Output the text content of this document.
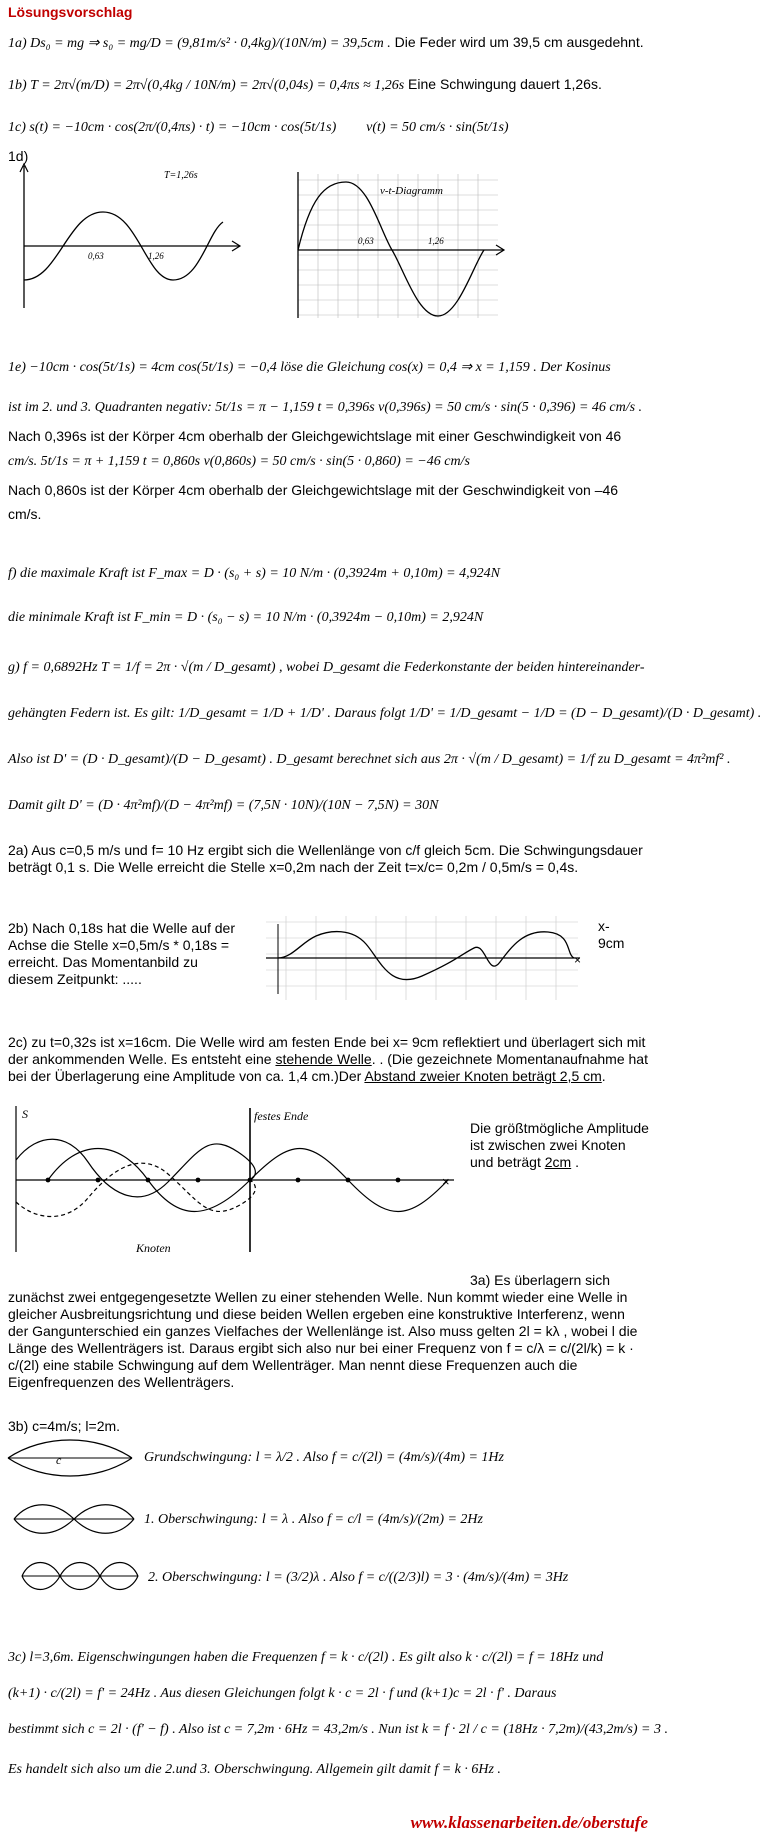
Lösungsvorschlag
1a) Ds₀ = mg ⇒ s₀ = mg/D = (9,81m/s² · 0,4kg)/(10N/m) = 39,5cm . Die Feder wird um 39,5 cm ausgedehnt.
1b) T = 2π√(m/D) = 2π√(0,4kg / 10N/m) = 2π√(0,04s) = 0,4πs ≈ 1,26s Eine Schwingung dauert 1,26s.
1c) s(t) = −10cm · cos(2π/(0,4πs) · t) = −10cm · cos(5t/1s) v(t) = 50 cm/s · sin(5t/1s)
1d)
T=1,26s
0,63	1,26
v-t-Diagramm
0,63	1,26
1e) −10cm · cos(5t/1s) = 4cm cos(5t/1s) = −0,4 löse die Gleichung cos(x) = 0,4 ⇒ x = 1,159 . Der Kosinus
ist im 2. und 3. Quadranten negativ: 5t/1s = π − 1,159 t = 0,396s v(0,396s) = 50 cm/s · sin(5 · 0,396) = 46 cm/s .
Nach 0,396s ist der Körper 4cm oberhalb der Gleichgewichtslage mit einer Geschwindigkeit von 46
cm/s. 5t/1s = π + 1,159 t = 0,860s v(0,860s) = 50 cm/s · sin(5 · 0,860) = −46 cm/s
Nach 0,860s ist der Körper 4cm oberhalb der Gleichgewichtslage mit der Geschwindigkeit von –46
cm/s.
f) die maximale Kraft ist F_max = D · (s₀ + s) = 10 N/m · (0,3924m + 0,10m) = 4,924N
die minimale Kraft ist F_min = D · (s₀ − s) = 10 N/m · (0,3924m − 0,10m) = 2,924N
g) f = 0,6892Hz T = 1/f = 2π · √(m / D_gesamt) , wobei D_gesamt die Federkonstante der beiden hintereinander-
gehängten Federn ist. Es gilt: 1/D_gesamt = 1/D + 1/D' . Daraus folgt 1/D' = 1/D_gesamt − 1/D = (D − D_gesamt)/(D · D_gesamt) .
Also ist D' = (D · D_gesamt)/(D − D_gesamt) . D_gesamt berechnet sich aus 2π · √(m / D_gesamt) = 1/f zu D_gesamt = 4π²mf² .
Damit gilt D' = (D · 4π²mf)/(D − 4π²mf) = (7,5N · 10N)/(10N − 7,5N) = 30N
2a) Aus c=0,5 m/s und f= 10 Hz ergibt sich die Wellenlänge von c/f gleich 5cm. Die Schwingungsdauer beträgt 0,1 s. Die Welle erreicht die Stelle x=0,2m nach der Zeit t=x/c= 0,2m / 0,5m/s = 0,4s.
2b) Nach 0,18s hat die Welle auf der Achse die Stelle x=0,5m/s * 0,18s = erreicht. Das Momentanbild zu diesem Zeitpunkt: .....
×
x-
9cm
2c) zu t=0,32s ist x=16cm. Die Welle wird am festen Ende bei x= 9cm reflektiert und überlagert sich mit der ankommenden Welle. Es entsteht eine stehende Welle. . (Die gezeichnete Momentanaufnahme hat bei der Überlagerung eine Amplitude von ca. 1,4 cm.)Der Abstand zweier Knoten beträgt 2,5 cm.
S
×
festes Ende
Knoten
Die größtmögliche Amplitude ist zwischen zwei Knoten und beträgt 2cm .
3a) Es überlagern sich
zunächst zwei entgegengesetzte Wellen zu einer stehenden Welle. Nun kommt wieder eine Welle in gleicher Ausbreitungsrichtung und diese beiden Wellen ergeben eine konstruktive Interferenz, wenn der Gangunterschied ein ganzes Vielfaches der Wellenlänge ist. Also muss gelten 2l = kλ , wobei l die Länge des Wellenträgers ist. Daraus ergibt sich also nur bei einer Frequenz von f = c/λ = c/(2l/k) = k · c/(2l) eine stabile Schwingung auf dem Wellenträger. Man nennt diese Frequenzen auch die Eigenfrequenzen des Wellenträgers.
3b) c=4m/s; l=2m.
c	Grundschwingung: l = λ/2 . Also f = c/(2l) = (4m/s)/(4m) = 1Hz
1. Oberschwingung: l = λ . Also f = c/l = (4m/s)/(2m) = 2Hz
2. Oberschwingung: l = (3/2)λ . Also f = c/((2/3)l) = 3 · (4m/s)/(4m) = 3Hz
3c) l=3,6m. Eigenschwingungen haben die Frequenzen f = k · c/(2l) . Es gilt also k · c/(2l) = f = 18Hz und
(k+1) · c/(2l) = f' = 24Hz . Aus diesen Gleichungen folgt k · c = 2l · f und (k+1)c = 2l · f' . Daraus
bestimmt sich c = 2l · (f' − f) . Also ist c = 7,2m · 6Hz = 43,2m/s . Nun ist k = f · 2l / c = (18Hz · 7,2m)/(43,2m/s) = 3 .
Es handelt sich also um die 2.und 3. Oberschwingung. Allgemein gilt damit f = k · 6Hz .
www.klassenarbeiten.de/oberstufe
